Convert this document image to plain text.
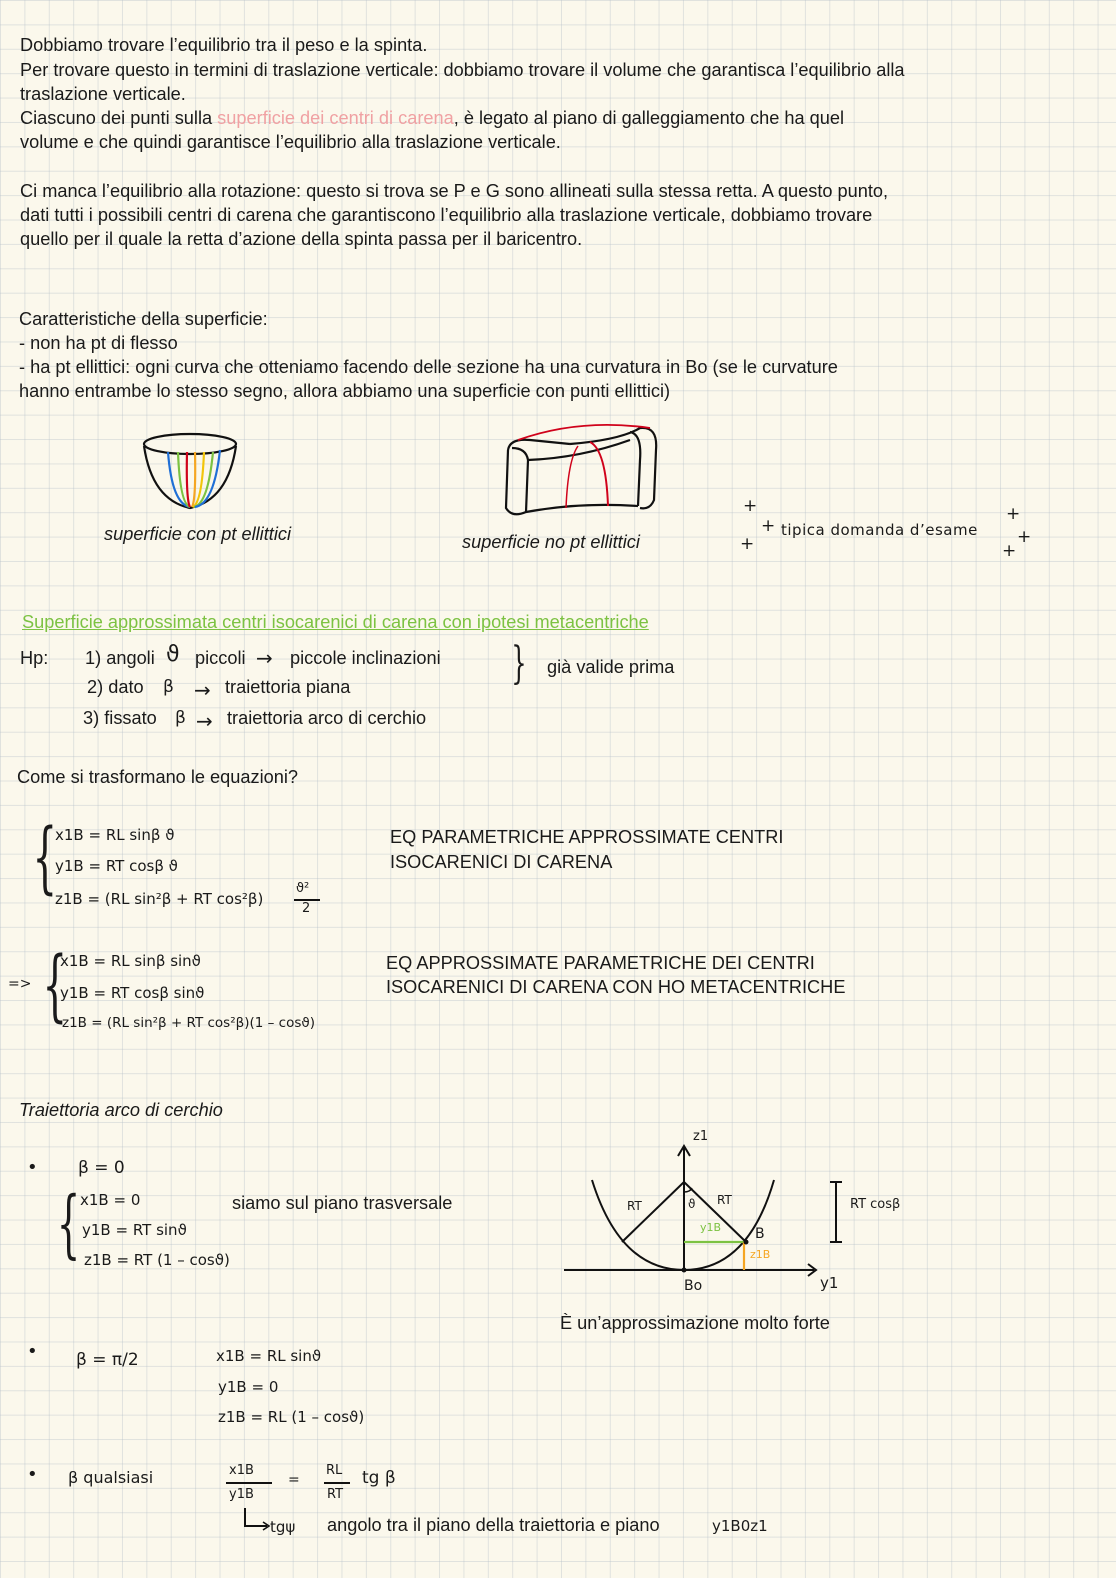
Dobbiamo trovare l’equilibrio tra il peso e la spinta.
Per trovare questo in termini di traslazione verticale: dobbiamo trovare il volume che garantisca l’equilibrio alla
traslazione verticale.
Ciascuno dei punti sulla superficie dei centri di carena, è legato al piano di galleggiamento che ha quel
volume e che quindi garantisce l’equilibrio alla traslazione verticale.
Ci manca l’equilibrio alla rotazione: questo si trova se P e G sono allineati sulla stessa retta. A questo punto,
dati tutti i possibili centri di carena che garantiscono l’equilibrio alla traslazione verticale, dobbiamo trovare
quello per il quale la retta d’azione della spinta passa per il baricentro.
Caratteristiche della superficie:
- non ha pt di flesso
- ha pt ellittici: ogni curva che otteniamo facendo delle sezione ha una curvatura in Bo (se le curvature
hanno entrambe lo stesso segno, allora abbiamo una superficie con punti ellittici)
superficie con pt ellittici	superficie no pt ellittici
+
+
+
tipica domanda d’esame
+
+
+
Superficie approssimata centri isocarenici di carena con ipotesi metacentriche
Hp: 1) angoli ϑ piccoli → piccole inclinazioni
2) dato β → traiettoria piana
3) fissato β → traiettoria arco di cerchio
} già valide prima
Come si trasformano le equazioni?
{
x1B = RL sinβ ϑ
y1B = RT cosβ ϑ
z1B = (RL sin²β + RT cos²β)
ϑ²
2
EQ PARAMETRICHE APPROSSIMATE CENTRI
ISOCARENICI DI CARENA
=> {
x1B = RL sinβ sinϑ
y1B = RT cosβ sinϑ
z1B = (RL sin²β + RT cos²β)(1 – cosϑ)
EQ APPROSSIMATE PARAMETRICHE DEI CENTRI
ISOCARENICI DI CARENA CON HO METACENTRICHE
Traiettoria arco di cerchio
• β = 0
{ x1B = 0
y1B = RT sinϑ
z1B = RT (1 – cosϑ)
siamo sul piano trasversale
z1
y1
Bo
B
RT	RT
ϑ
y1B
z1B
RT cosβ
È un’approssimazione molto forte
• β = π/2	x1B = RL sinϑ
y1B = 0
z1B = RL (1 – cosϑ)
• β qualsiasi	x1B
y1B
=
RL
RT
tg β
tgψ angolo tra il piano della traiettoria e piano	y1B0z1
